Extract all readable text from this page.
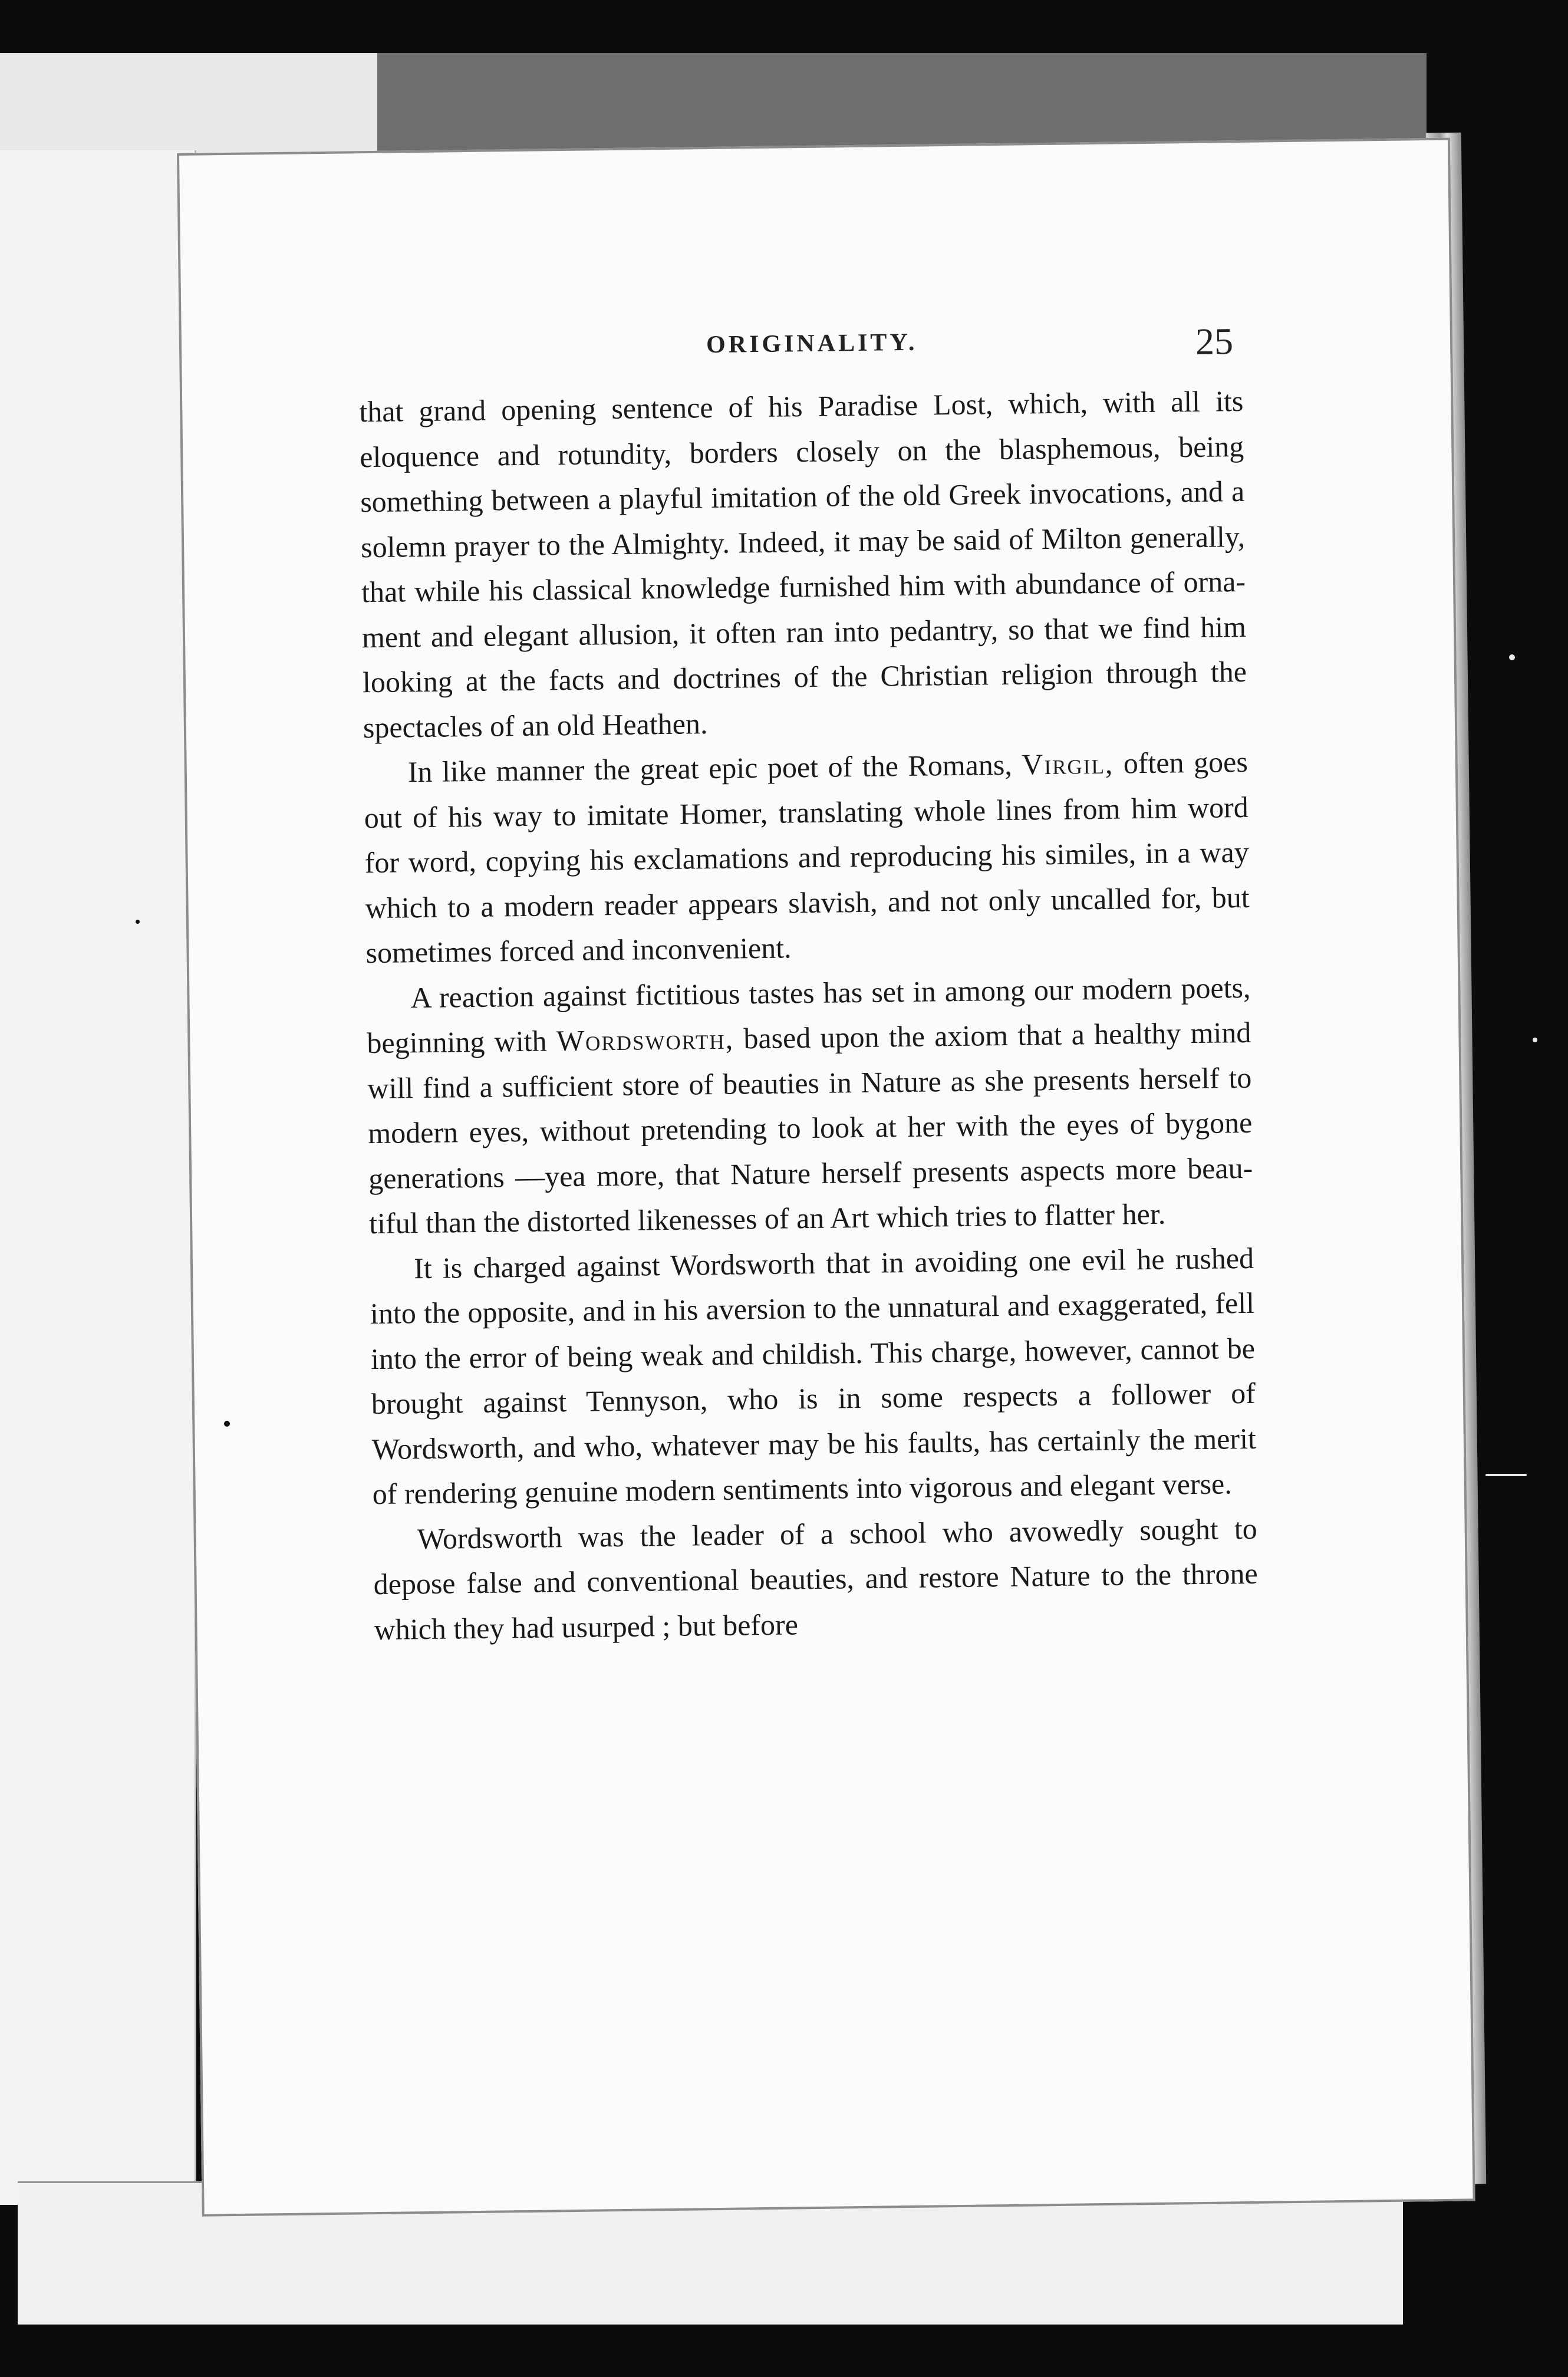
ORIGINALITY.	25

that grand opening sentence of his Paradise Lost, which, with all its eloquence and rotundity, borders closely on the blasphemous, being something between a playful imitation of the old Greek invocations, and a solemn prayer to the Almighty. Indeed, it may be said of Milton generally, that while his classical knowledge furnished him with abundance of ornament and elegant allusion, it often ran into pedantry, so that we find him looking at the facts and doctrines of the Christian religion through the spectacles of an old Heathen.

In like manner the great epic poet of the Romans, Virgil, often goes out of his way to imitate Homer, translating whole lines from him word for word, copying his exclamations and reproducing his similes, in a way which to a modern reader appears slavish, and not only uncalled for, but sometimes forced and inconvenient.

A reaction against fictitious tastes has set in among our modern poets, beginning with Wordsworth, based upon the axiom that a healthy mind will find a sufficient store of beauties in Nature as she presents herself to modern eyes, without pretending to look at her with the eyes of bygone generations —yea more, that Nature herself presents aspects more beautiful than the distorted likenesses of an Art which tries to flatter her.

It is charged against Wordsworth that in avoiding one evil he rushed into the opposite, and in his aversion to the unnatural and exaggerated, fell into the error of being weak and childish. This charge, however, cannot be brought against Tennyson, who is in some respects a follower of Wordsworth, and who, whatever may be his faults, has certainly the merit of rendering genuine modern sentiments into vigorous and elegant verse.

Wordsworth was the leader of a school who avowedly sought to depose false and conventional beauties, and restore Nature to the throne which they had usurped ; but before
